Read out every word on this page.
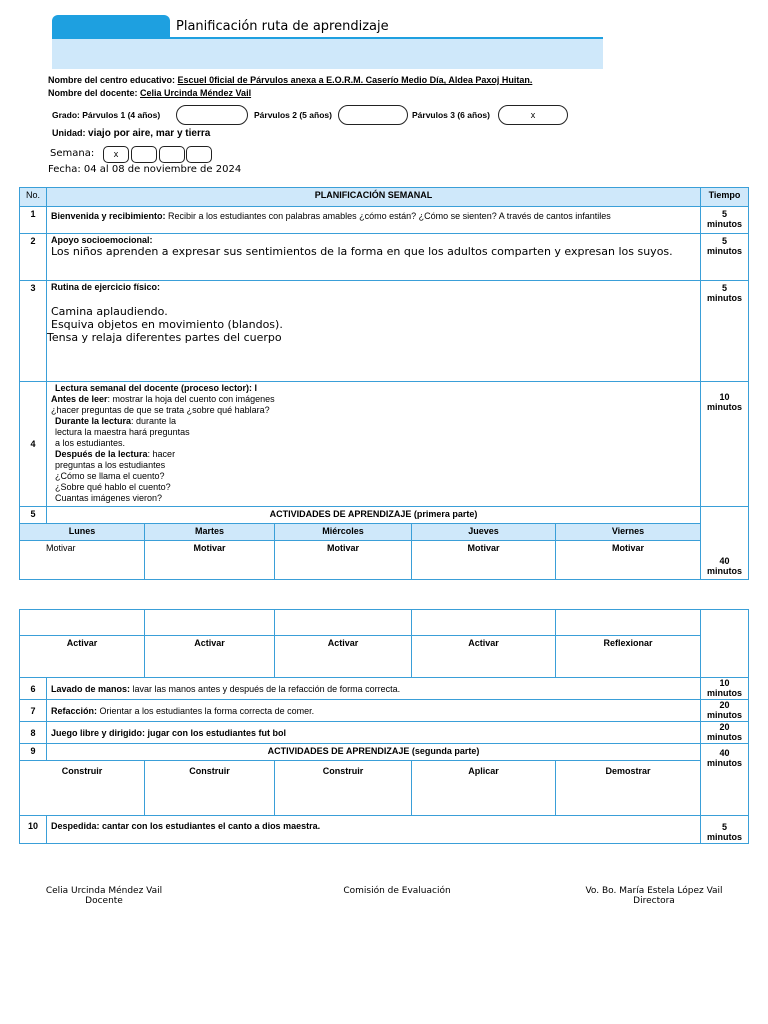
Planificación ruta de aprendizaje
Nombre del centro educativo: Escuel 0ficial de Párvulos anexa a E.O.R.M. Caserío Medio Día, Aldea Paxoj Huitan.
Nombre del docente: Celia Urcinda Méndez Vail
Grado: Párvulos 1 (4 años)	Párvulos 2 (5 años)	Párvulos 3 (6 años)	x
Unidad: viajo por aire, mar y tierra
Semana:	x
Fecha: 04 al 08 de noviembre de 2024
No.	PLANIFICACIÓN SEMANAL					Tiempo
1	Bienvenida y recibimiento: Recibir a los estudiantes con palabras amables ¿cómo están? ¿Cómo se sienten? A través de cantos infantiles					5 minutos
2	Apoyo socioemocional:
Los niños aprenden a expresar sus sentimientos de la forma en que los adultos comparten y expresan los suyos.					5 minutos
3	Rutina de ejercicio físico:
Camina aplaudiendo.
Esquiva objetos en movimiento (blandos).
Tensa y relaja diferentes partes del cuerpo					5 minutos
4	Lectura semanal del docente (proceso lector): l
Antes de leer: mostrar la hoja del cuento con imágenes ¿hacer preguntas de que se trata ¿sobre qué hablara?
Durante la lectura: durante la lectura la maestra hará preguntas a los estudiantes.
Después de la lectura: hacer preguntas a los estudiantes ¿Cómo se llama el cuento? ¿Sobre qué hablo el cuento? Cuantas imágenes vieron?					10 minutos
5	ACTIVIDADES DE APRENDIZAJE (primera parte)					40 minutos
Lunes		Martes	Miércoles	Jueves	Viernes	
Motivar		Motivar	Motivar	Motivar	Motivar	

Activar		Activar	Activar	Activar	Reflexionar	
6	Lavado de manos: lavar las manos antes y después de la refacción de forma correcta.					10 minutos
7	Refacción: Orientar a los estudiantes la forma correcta de comer.					20 minutos
8	Juego libre y dirigido: jugar con los estudiantes fut bol					20 minutos
9	ACTIVIDADES DE APRENDIZAJE (segunda parte)					40 minutos
Construir		Construir	Construir	Aplicar	Demostrar	
10	Despedida: cantar con los estudiantes el canto a dios maestra.					5 minutos
Celia Urcinda Méndez Vail
Docente
Comisión de Evaluación	Vo. Bo. María Estela López Vail
Directora
